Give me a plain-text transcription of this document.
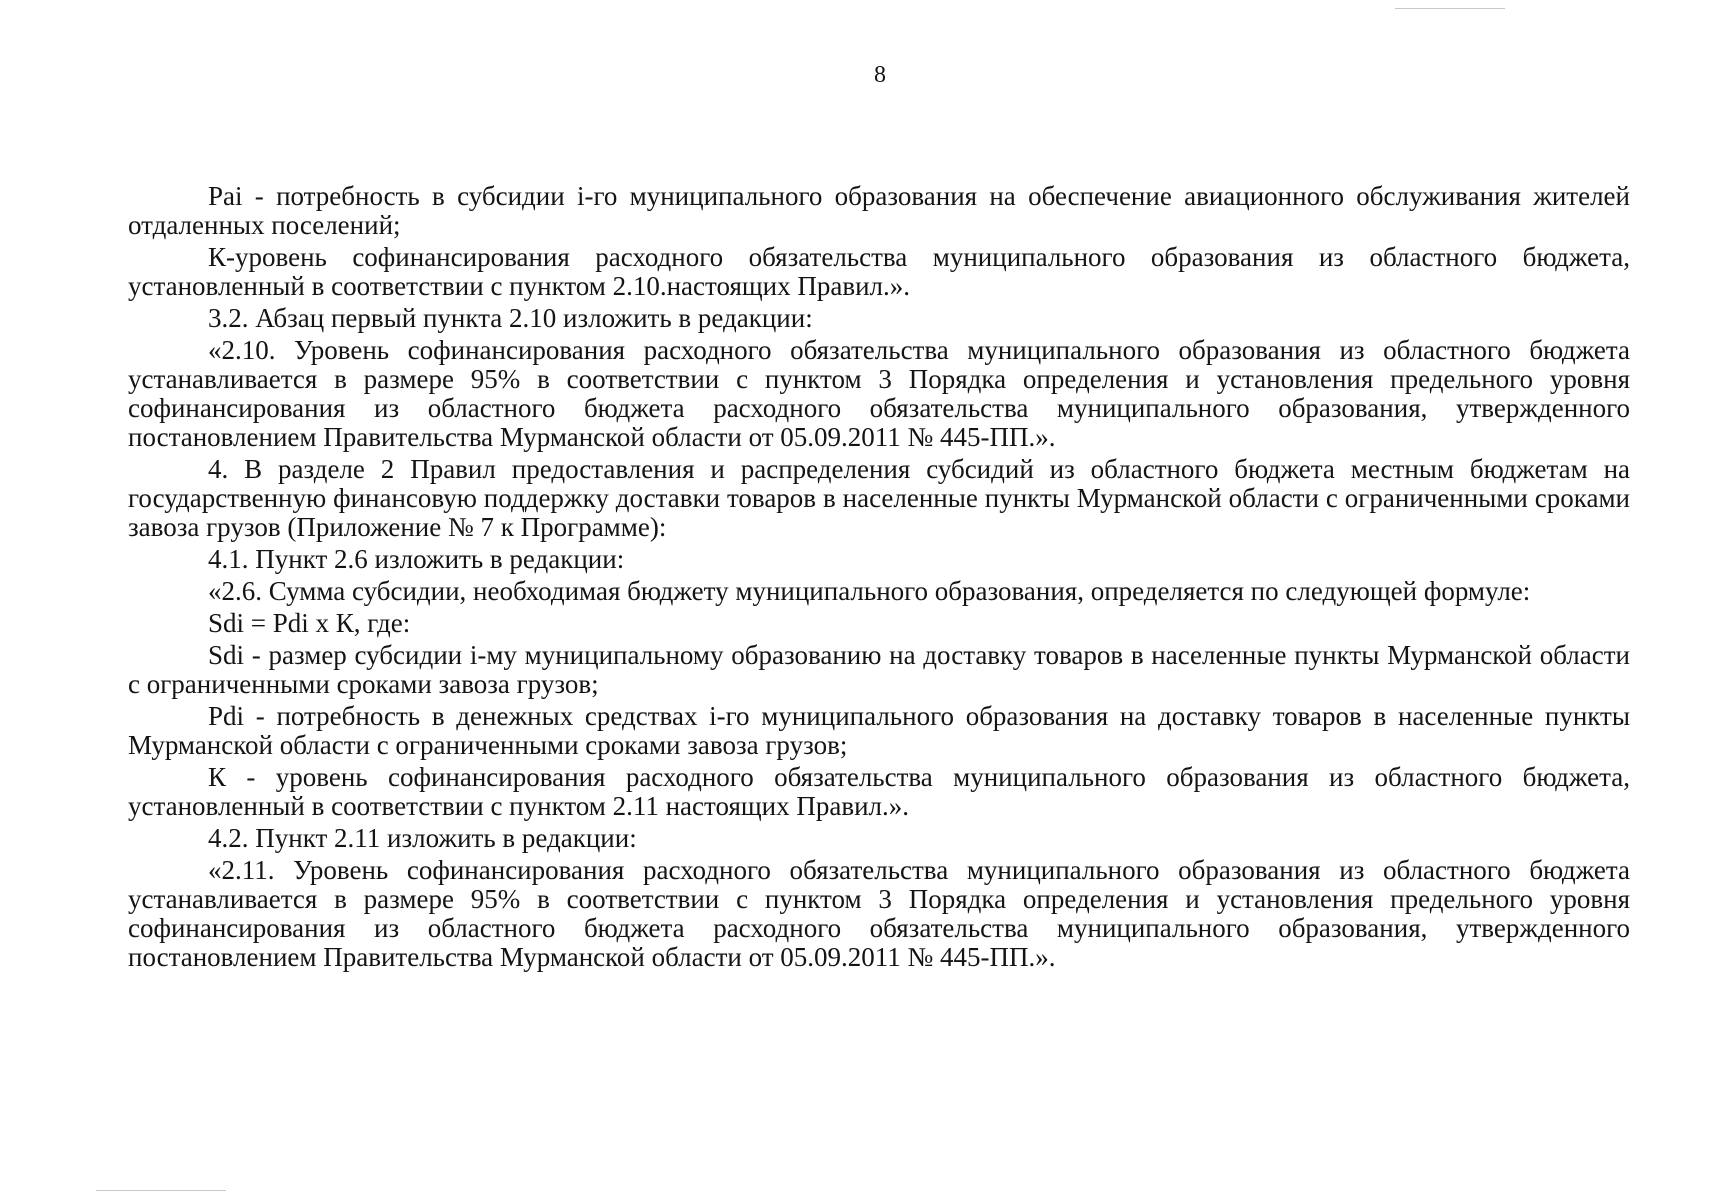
8

Pai - потребность в субсидии i-го муниципального образования на обеспечение авиационного обслуживания жителей отдаленных поселений;

К-уровень софинансирования расходного обязательства муниципального образования из областного бюджета, установленный в соответствии с пунктом 2.10.настоящих Правил.».

3.2. Абзац первый пункта 2.10 изложить в редакции:

«2.10. Уровень софинансирования расходного обязательства муниципального образования из областного бюджета устанавливается в размере 95% в соответствии с пунктом 3 Порядка определения и установления предельного уровня софинансирования из областного бюджета расходного обязательства муниципального образования, утвержденного постановлением Правительства Мурманской области от 05.09.2011 № 445-ПП.».

4. В разделе 2 Правил предоставления и распределения субсидий из областного бюджета местным бюджетам на государственную финансовую поддержку доставки товаров в населенные пункты Мурманской области с ограниченными сроками завоза грузов (Приложение № 7 к Программе):

4.1. Пункт 2.6 изложить в редакции:

«2.6. Сумма субсидии, необходимая бюджету муниципального образования, определяется по следующей формуле:

Sdi = Pdi x К, где:

Sdi - размер субсидии i-му муниципальному образованию на доставку товаров в населенные пункты Мурманской области с ограниченными сроками завоза грузов;

Pdi - потребность в денежных средствах i-го муниципального образования на доставку товаров в населенные пункты Мурманской области с ограниченными сроками завоза грузов;

К - уровень софинансирования расходного обязательства муниципального образования из областного бюджета, установленный в соответствии с пунктом 2.11 настоящих Правил.».

4.2. Пункт 2.11 изложить в редакции:

«2.11. Уровень софинансирования расходного обязательства муниципального образования из областного бюджета устанавливается в размере 95% в соответствии с пунктом 3 Порядка определения и установления предельного уровня софинансирования из областного бюджета расходного обязательства муниципального образования, утвержденного постановлением Правительства Мурманской области от 05.09.2011 № 445-ПП.».
